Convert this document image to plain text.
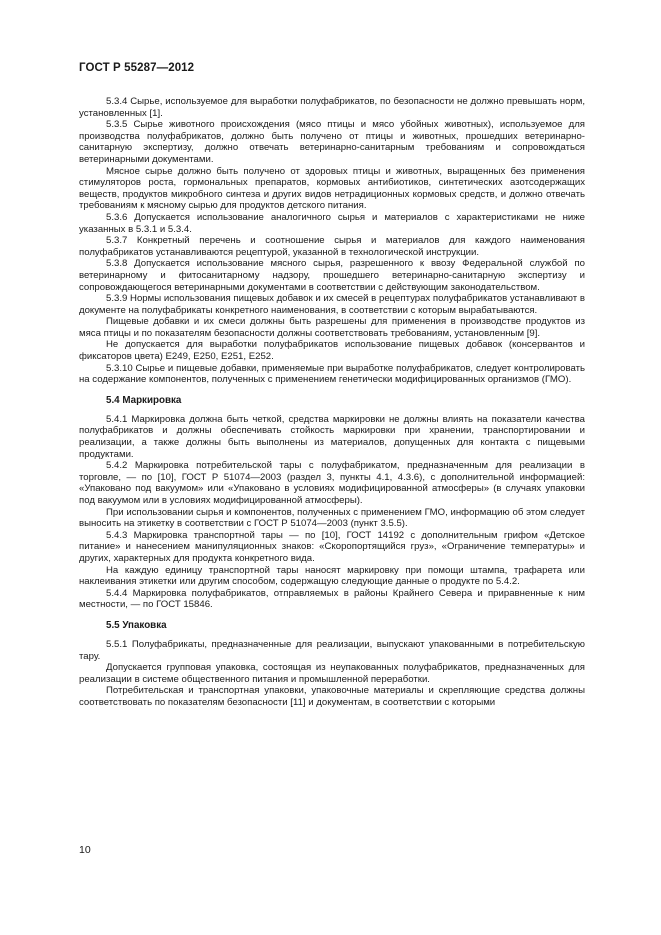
ГОСТ Р 55287—2012

5.3.4 Сырье, используемое для выработки полуфабрикатов, по безопасности не должно превышать норм, установленных [1].

5.3.5 Сырье животного происхождения (мясо птицы и мясо убойных животных), используемое для производства полуфабрикатов, должно быть получено от птицы и животных, прошедших ветеринарно-санитарную экспертизу, должно отвечать ветеринарно-санитарным требованиям и сопровождаться ветеринарными документами.

Мясное сырье должно быть получено от здоровых птицы и животных, выращенных без применения стимуляторов роста, гормональных препаратов, кормовых антибиотиков, синтетических азотсодержащих веществ, продуктов микробного синтеза и других видов нетрадиционных кормовых средств, и должно отвечать требованиям к мясному сырью для продуктов детского питания.

5.3.6 Допускается использование аналогичного сырья и материалов с характеристиками не ниже указанных в 5.3.1 и 5.3.4.

5.3.7 Конкретный перечень и соотношение сырья и материалов для каждого наименования полуфабрикатов устанавливаются рецептурой, указанной в технологической инструкции.

5.3.8 Допускается использование мясного сырья, разрешенного к ввозу Федеральной службой по ветеринарному и фитосанитарному надзору, прошедшего ветеринарно-санитарную экспертизу и сопровождающегося ветеринарными документами в соответствии с действующим законодательством.

5.3.9 Нормы использования пищевых добавок и их смесей в рецептурах полуфабрикатов устанавливают в документе на полуфабрикаты конкретного наименования, в соответствии с которым вырабатываются.

Пищевые добавки и их смеси должны быть разрешены для применения в производстве продуктов из мяса птицы и по показателям безопасности должны соответствовать требованиям, установленным [9].

Не допускается для выработки полуфабрикатов использование пищевых добавок (консервантов и фиксаторов цвета) Е249, Е250, Е251, Е252.

5.3.10 Сырье и пищевые добавки, применяемые при выработке полуфабрикатов, следует контролировать на содержание компонентов, полученных с применением генетически модифицированных организмов (ГМО).

5.4 Маркировка

5.4.1 Маркировка должна быть четкой, средства маркировки не должны влиять на показатели качества полуфабрикатов и должны обеспечивать стойкость маркировки при хранении, транспортировании и реализации, а также должны быть выполнены из материалов, допущенных для контакта с пищевыми продуктами.

5.4.2 Маркировка потребительской тары с полуфабрикатом, предназначенным для реализации в торговле, — по [10], ГОСТ Р 51074—2003 (раздел 3, пункты 4.1, 4.3.6), с дополнительной информацией: «Упаковано под вакуумом» или «Упаковано в условиях модифицированной атмосферы» (в случаях упаковки под вакуумом или в условиях модифицированной атмосферы).

При использовании сырья и компонентов, полученных с применением ГМО, информацию об этом следует выносить на этикетку в соответствии с ГОСТ Р 51074—2003 (пункт 3.5.5).

5.4.3 Маркировка транспортной тары — по [10], ГОСТ 14192 с дополнительным грифом «Детское питание» и нанесением манипуляционных знаков: «Скоропортящийся груз», «Ограничение температуры» и других, характерных для продукта конкретного вида.

На каждую единицу транспортной тары наносят маркировку при помощи штампа, трафарета или наклеивания этикетки или другим способом, содержащую следующие данные о продукте по 5.4.2.

5.4.4 Маркировка полуфабрикатов, отправляемых в районы Крайнего Севера и приравненные к ним местности, — по ГОСТ 15846.

5.5 Упаковка

5.5.1 Полуфабрикаты, предназначенные для реализации, выпускают упакованными в потребительскую тару.

Допускается групповая упаковка, состоящая из неупакованных полуфабрикатов, предназначенных для реализации в системе общественного питания и промышленной переработки.

Потребительская и транспортная упаковки, упаковочные материалы и скрепляющие средства должны соответствовать по показателям безопасности [11] и документам, в соответствии с которыми

10
